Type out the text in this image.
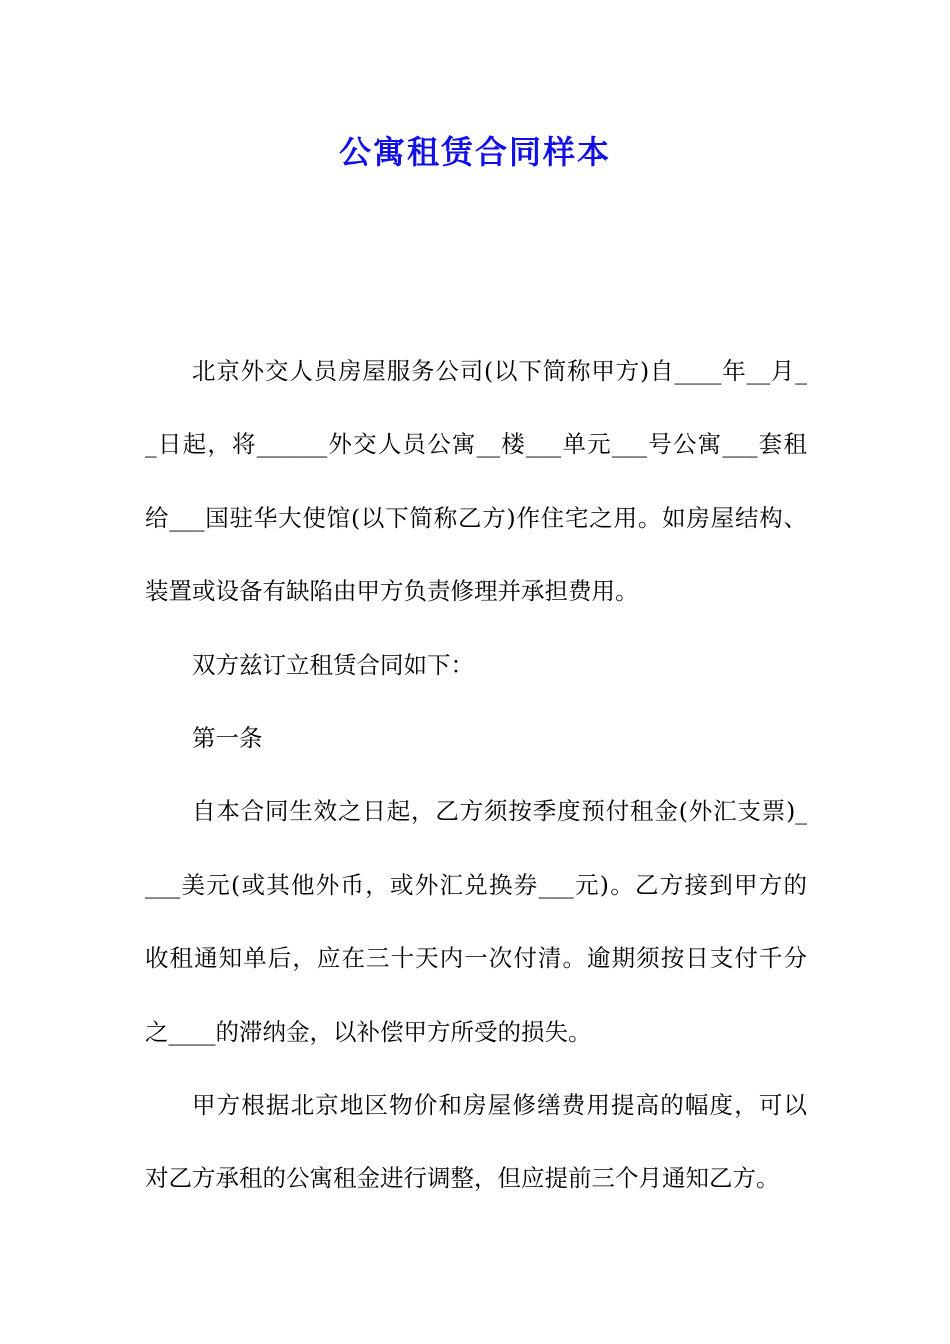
公寓租赁合同样本

北京外交人员房屋服务公司(以下简称甲方)自____年__月_

_日起，将______外交人员公寓__楼___单元___号公寓___套租

给___国驻华大使馆(以下简称乙方)作住宅之用。如房屋结构、

装置或设备有缺陷由甲方负责修理并承担费用。

双方兹订立租赁合同如下：

第一条

自本合同生效之日起，乙方须按季度预付租金(外汇支票)_

___美元(或其他外币，或外汇兑换券___元)。乙方接到甲方的

收租通知单后，应在三十天内一次付清。逾期须按日支付千分

之____的滞纳金，以补偿甲方所受的损失。

甲方根据北京地区物价和房屋修缮费用提高的幅度，可以

对乙方承租的公寓租金进行调整，但应提前三个月通知乙方。
